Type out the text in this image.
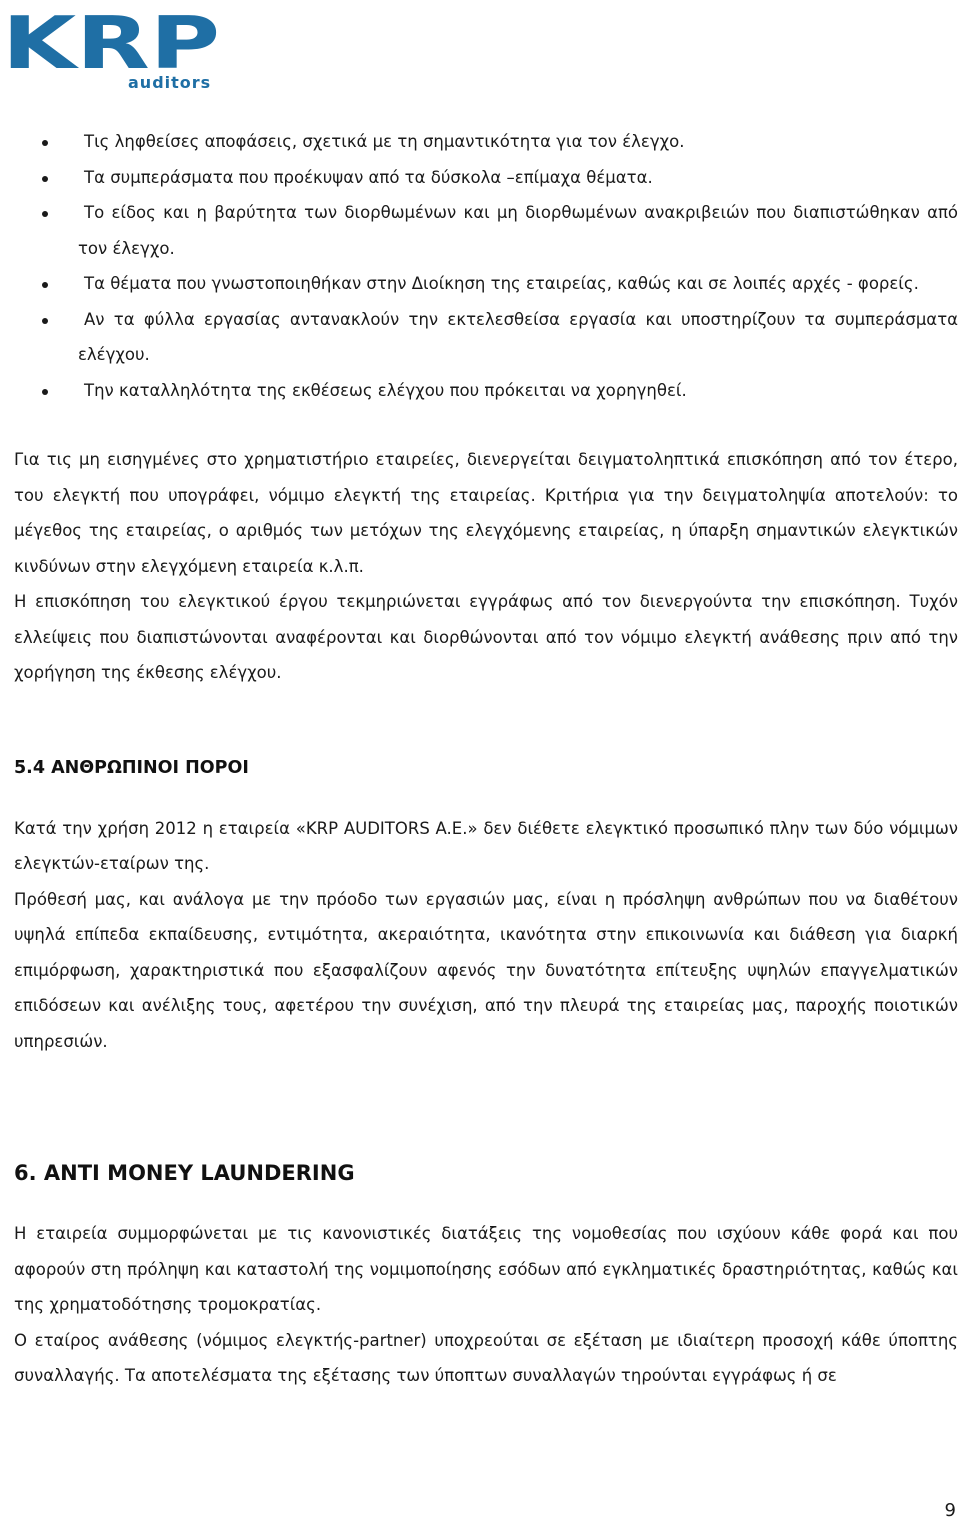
KRP
auditors
Τις ληφθείσες αποφάσεις, σχετικά με τη σημαντικότητα για τον έλεγχο.
Τα συμπεράσματα που προέκυψαν από τα δύσκολα –επίμαχα θέματα.
Το είδος και η βαρύτητα των διορθωμένων και μη διορθωμένων ανακριβειών που διαπιστώθηκαν από τον έλεγχο.
Τα θέματα που γνωστοποιηθήκαν στην Διοίκηση της εταιρείας, καθώς και σε λοιπές αρχές - φορείς.
Αν τα φύλλα εργασίας αντανακλούν την εκτελεσθείσα εργασία και υποστηρίζουν τα συμπεράσματα ελέγχου.
Την καταλληλότητα της εκθέσεως ελέγχου που πρόκειται να χορηγηθεί.

Για τις μη εισηγμένες στο χρηματιστήριο εταιρείες, διενεργείται δειγματοληπτικά επισκόπηση από τον έτερο, του ελεγκτή που υπογράφει, νόμιμο ελεγκτή της εταιρείας. Κριτήρια για την δειγματοληψία αποτελούν: το μέγεθος της εταιρείας, ο αριθμός των μετόχων της ελεγχόμενης εταιρείας, η ύπαρξη σημαντικών ελεγκτικών κινδύνων στην ελεγχόμενη εταιρεία κ.λ.π.

Η επισκόπηση του ελεγκτικού έργου τεκμηριώνεται εγγράφως από τον διενεργούντα την επισκόπηση. Τυχόν ελλείψεις που διαπιστώνονται αναφέρονται και διορθώνονται από τον νόμιμο ελεγκτή ανάθεσης πριν από την χορήγηση της έκθεσης ελέγχου.

5.4 ΑΝΘΡΩΠΙΝΟΙ ΠΟΡΟΙ

Κατά την χρήση 2012 η εταιρεία «KRP AUDITORS A.E.» δεν διέθετε ελεγκτικό προσωπικό πλην των δύο νόμιμων ελεγκτών-εταίρων της.

Πρόθεσή μας, και ανάλογα με την πρόοδο των εργασιών μας, είναι η πρόσληψη ανθρώπων που να διαθέτουν υψηλά επίπεδα εκπαίδευσης, εντιμότητα, ακεραιότητα, ικανότητα στην επικοινωνία και διάθεση για διαρκή επιμόρφωση, χαρακτηριστικά που εξασφαλίζουν αφενός την δυνατότητα επίτευξης υψηλών επαγγελματικών επιδόσεων και ανέλιξης τους, αφετέρου την συνέχιση, από την πλευρά της εταιρείας μας, παροχής ποιοτικών υπηρεσιών.

6. ANTI MONEY LAUNDERING

Η εταιρεία συμμορφώνεται με τις κανονιστικές διατάξεις της νομοθεσίας που ισχύουν κάθε φορά και που αφορούν στη πρόληψη και καταστολή της νομιμοποίησης εσόδων από εγκληματικές δραστηριότητας, καθώς και της χρηματοδότησης τρομοκρατίας.

Ο εταίρος ανάθεσης (νόμιμος ελεγκτής-partner) υποχρεούται σε εξέταση με ιδιαίτερη προσοχή κάθε ύποπτης συναλλαγής. Τα αποτελέσματα της εξέτασης των ύποπτων συναλλαγών τηρούνται εγγράφως ή σε

9
